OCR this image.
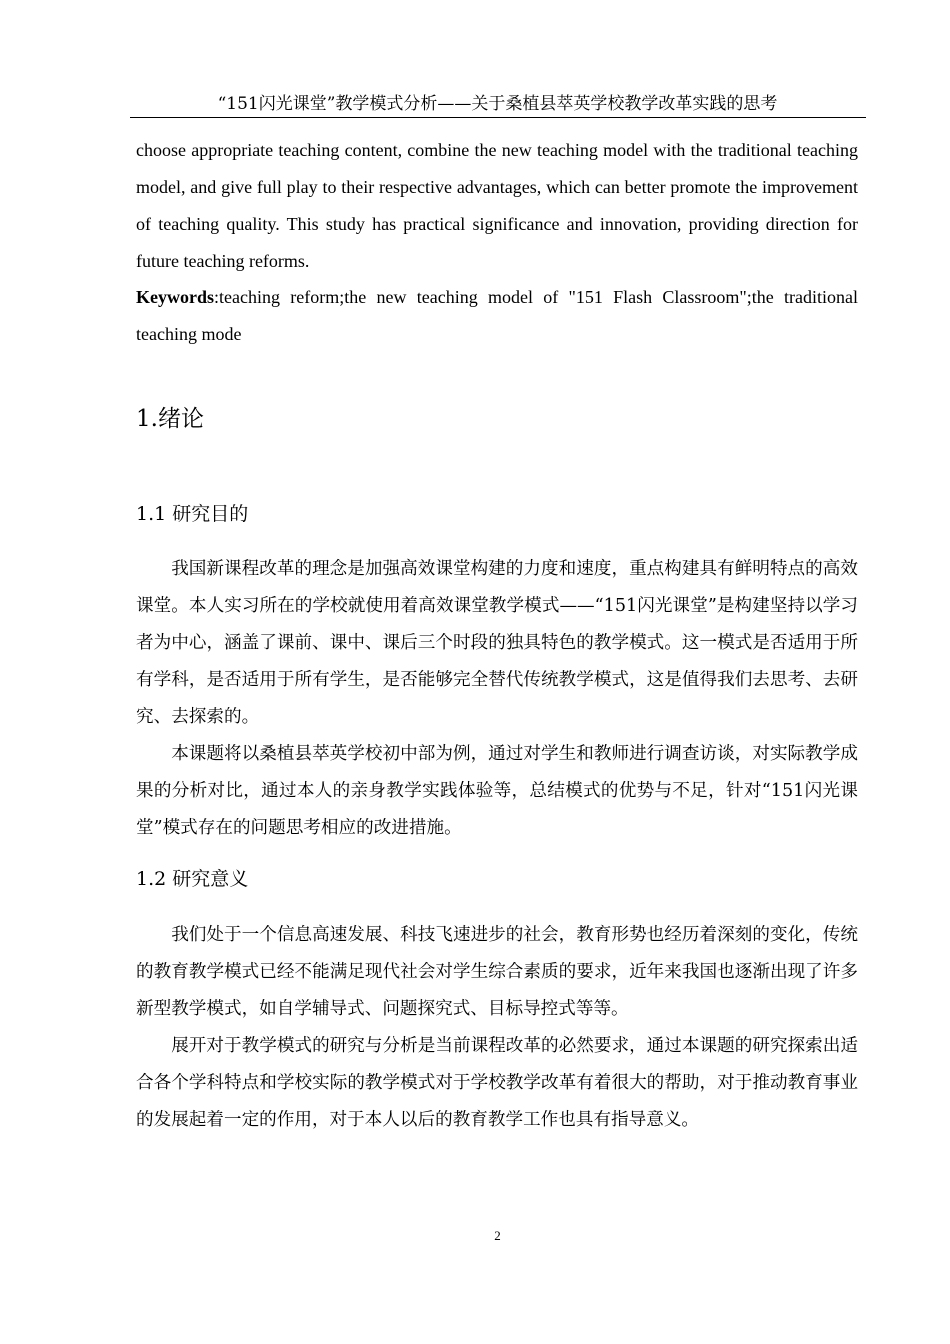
“151闪光课堂”教学模式分析——关于桑植县萃英学校教学改革实践的思考

choose appropriate teaching content, combine the new teaching model with the traditional teaching model, and give full play to their respective advantages, which can better promote the improvement of teaching quality. This study has practical significance and innovation, providing direction for future teaching reforms.

Keywords:teaching reform;the new teaching model of "151 Flash Classroom";the traditional teaching mode

1.绪论
1.1 研究目的

我国新课程改革的理念是加强高效课堂构建的力度和速度，重点构建具有鲜明特点的高效课堂。本人实习所在的学校就使用着高效课堂教学模式——“151闪光课堂”是构建坚持以学习者为中心，涵盖了课前、课中、课后三个时段的独具特色的教学模式。这一模式是否适用于所有学科，是否适用于所有学生，是否能够完全替代传统教学模式，这是值得我们去思考、去研究、去探索的。

本课题将以桑植县萃英学校初中部为例，通过对学生和教师进行调查访谈，对实际教学成果的分析对比，通过本人的亲身教学实践体验等，总结模式的优势与不足，针对“151闪光课堂”模式存在的问题思考相应的改进措施。

1.2 研究意义

我们处于一个信息高速发展、科技飞速进步的社会，教育形势也经历着深刻的变化，传统的教育教学模式已经不能满足现代社会对学生综合素质的要求，近年来我国也逐渐出现了许多新型教学模式，如自学辅导式、问题探究式、目标导控式等等。

展开对于教学模式的研究与分析是当前课程改革的必然要求，通过本课题的研究探索出适合各个学科特点和学校实际的教学模式对于学校教学改革有着很大的帮助，对于推动教育事业的发展起着一定的作用，对于本人以后的教育教学工作也具有指导意义。

2
